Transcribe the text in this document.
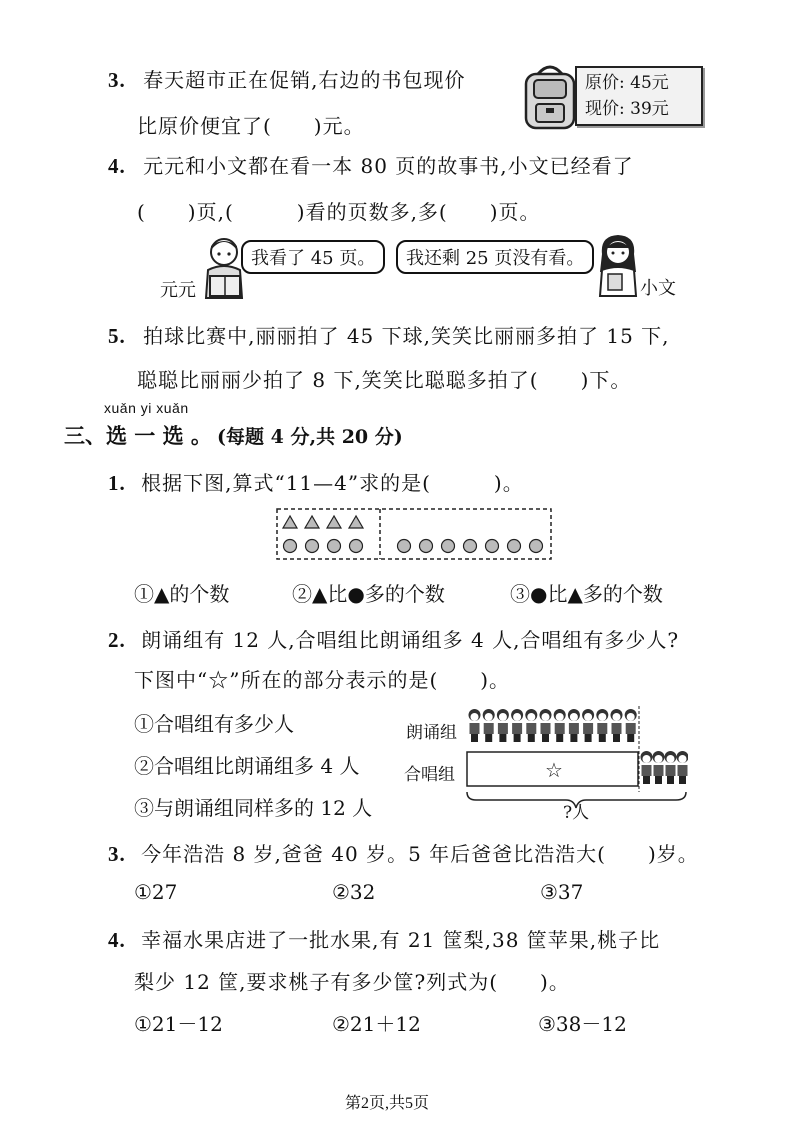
3. 春天超市正在促销,右边的书包现价
比原价便宜了(　　)元。
原价: 45元
现价: 39元
4. 元元和小文都在看一本 80 页的故事书,小文已经看了
(　　)页,(　　　)看的页数多,多(　　)页。
元元
我看了 45 页。	我还剩 25 页没有看。
小文
5. 拍球比赛中,丽丽拍了 45 下球,笑笑比丽丽多拍了 15 下,
聪聪比丽丽少拍了 8 下,笑笑比聪聪多拍了(　　)下。
xuǎn yi xuǎn
三、选 一 选 。 (每题 4 分,共 20 分)
1. 根据下图,算式“11—4”求的是(　　　)。
①▲的个数	②▲比●多的个数	③●比▲多的个数
2. 朗诵组有 12 人,合唱组比朗诵组多 4 人,合唱组有多少人?
下图中“☆”所在的部分表示的是(　　)。
①合唱组有多少人
②合唱组比朗诵组多 4 人
③与朗诵组同样多的 12 人
朗诵组
合唱组	☆
?人
3. 今年浩浩 8 岁,爸爸 40 岁。5 年后爸爸比浩浩大(　　)岁。
①27	②32	③37
4. 幸福水果店进了一批水果,有 21 筐梨,38 筐苹果,桃子比
梨少 12 筐,要求桃子有多少筐?列式为(　　)。
①21－12	②21＋12	③38－12
第2页,共5页
